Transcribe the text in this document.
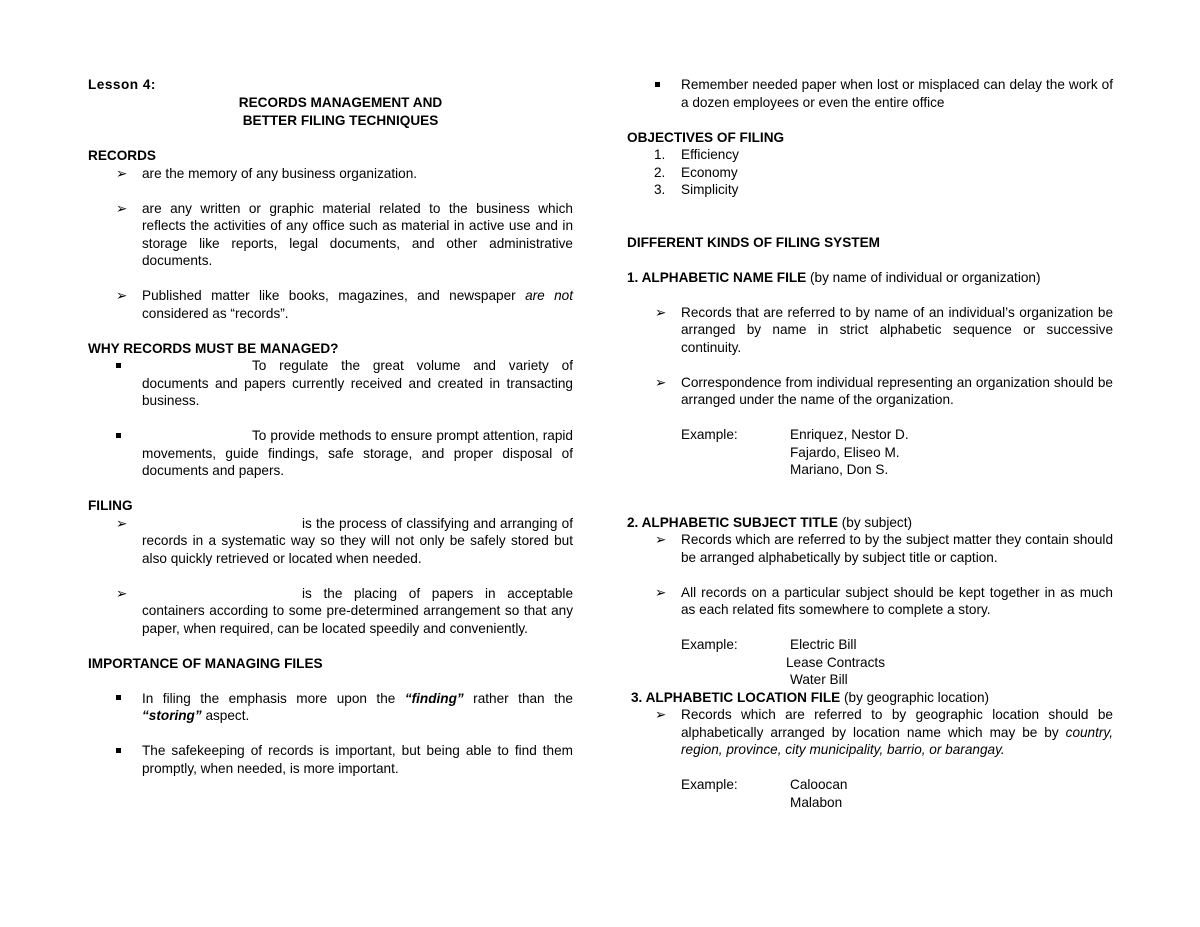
Lesson 4:

RECORDS MANAGEMENT AND

BETTER FILING TECHNIQUES

RECORDS

➢	are the memory of any business organization.
➢	are any written or graphic material related to the business which reflects the activities of any office such as material in active use and in storage like reports, legal documents, and other administrative documents.
➢	Published matter like books, magazines, and newspaper are not considered as “records”.

WHY RECORDS MUST BE MANAGED?

To regulate the great volume and variety of documents and papers currently received and created in transacting business.
To provide methods to ensure prompt attention, rapid movements, guide findings, safe storage, and proper disposal of documents and papers.

FILING

➢	is the process of classifying and arranging of records in a systematic way so they will not only be safely stored but also quickly retrieved or located when needed.
➢	is the placing of papers in acceptable containers according to some pre-determined arrangement so that any paper, when required, can be located speedily and conveniently.

IMPORTANCE OF MANAGING FILES

In filing the emphasis more upon the “finding” rather than the “storing” aspect.
The safekeeping of records is important, but being able to find them promptly, when needed, is more important.
Remember needed paper when lost or misplaced can delay the work of a dozen employees or even the entire office

OBJECTIVES OF FILING

1. Efficiency
2. Economy
3. Simplicity

DIFFERENT KINDS OF FILING SYSTEM

1. ALPHABETIC NAME FILE (by name of individual or organization)

➢	Records that are referred to by name of an individual’s organization be arranged by name in strict alphabetic sequence or successive continuity.
➢	Correspondence from individual representing an organization should be arranged under the name of the organization.
Example:	Enriquez, Nestor D.

Fajardo, Eliseo M.

Mariano, Don S.

2. ALPHABETIC SUBJECT TITLE (by subject)

➢	Records which are referred to by the subject matter they contain should be arranged alphabetically by subject title or caption.
➢	All records on a particular subject should be kept together in as much as each related fits somewhere to complete a story.
Example:	Electric Bill

Lease Contracts

Water Bill

3. ALPHABETIC LOCATION FILE (by geographic location)

➢	Records which are referred to by geographic location should be alphabetically arranged by location name which may be by country, region, province, city municipality, barrio, or barangay.
Example:	Caloocan

Malabon
